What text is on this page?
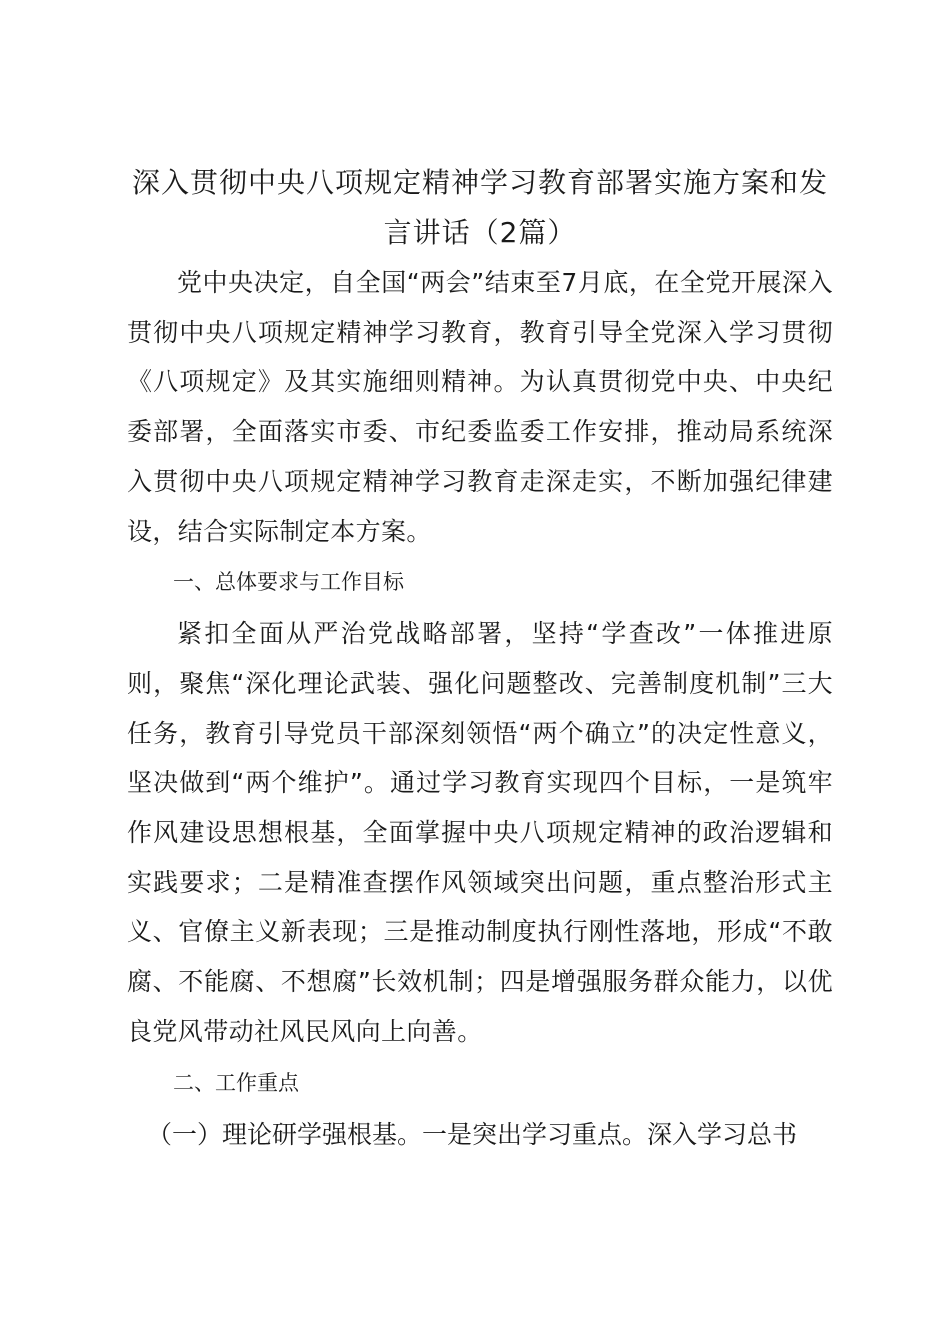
深入贯彻中央八项规定精神学习教育部署实施方案和发言讲话（2篇）

党中央决定，自全国“两会”结束至7月底，在全党开展深入贯彻中央八项规定精神学习教育，教育引导全党深入学习贯彻《八项规定》及其实施细则精神。为认真贯彻党中央、中央纪委部署，全面落实市委、市纪委监委工作安排，推动局系统深入贯彻中央八项规定精神学习教育走深走实，不断加强纪律建设，结合实际制定本方案。

一、总体要求与工作目标

紧扣全面从严治党战略部署，坚持“学查改”一体推进原则，聚焦“深化理论武装、强化问题整改、完善制度机制”三大任务，教育引导党员干部深刻领悟“两个确立”的决定性意义，坚决做到“两个维护”。通过学习教育实现四个目标，一是筑牢作风建设思想根基，全面掌握中央八项规定精神的政治逻辑和实践要求；二是精准查摆作风领域突出问题，重点整治形式主义、官僚主义新表现；三是推动制度执行刚性落地，形成“不敢腐、不能腐、不想腐”长效机制；四是增强服务群众能力，以优良党风带动社风民风向上向善。

二、工作重点

（一）理论研学强根基。一是突出学习重点。深入学习总书
